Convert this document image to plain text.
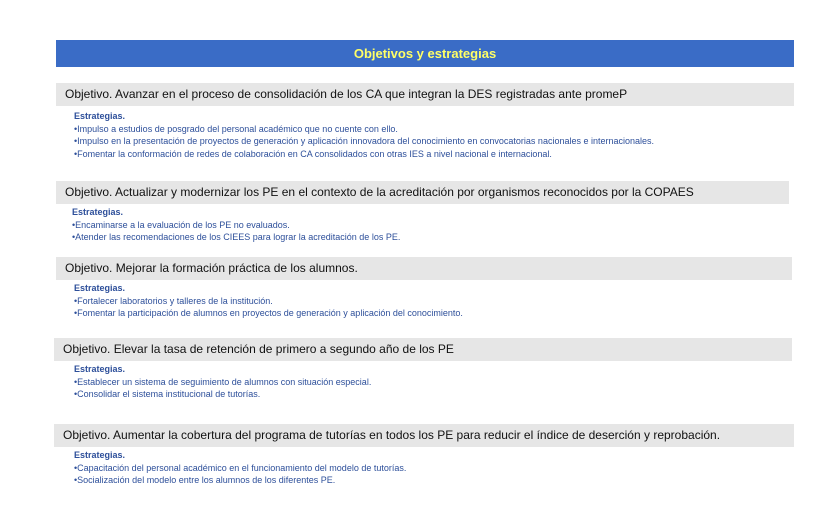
Objetivos y estrategias
Objetivo. Avanzar en el proceso de consolidación de los CA que integran la DES registradas ante promeP
Estrategias.
•Impulso a estudios de posgrado del personal académico que no cuente con ello.
•Impulso en la presentación de proyectos de generación y aplicación innovadora del conocimiento en convocatorias nacionales e internacionales.
•Fomentar la conformación de redes de colaboración en CA consolidados con otras IES a nivel nacional e internacional.
Objetivo. Actualizar y modernizar los PE en el contexto de la acreditación por organismos reconocidos por la COPAES
Estrategias.
•Encaminarse a la evaluación de los PE no evaluados.
•Atender las recomendaciones de los CIEES para lograr la acreditación de los PE.
Objetivo. Mejorar la formación práctica de los alumnos.
Estrategias.
•Fortalecer laboratorios y talleres de la institución.
•Fomentar la participación de alumnos en proyectos de generación y aplicación del conocimiento.
Objetivo. Elevar la tasa de retención de primero a segundo año de los PE
Estrategias.
•Establecer un sistema de seguimiento de alumnos con situación especial.
•Consolidar el sistema institucional de tutorías.
Objetivo. Aumentar la cobertura del programa de tutorías en todos los PE para reducir el índice de deserción y reprobación.
Estrategias.
•Capacitación del personal académico en el funcionamiento del modelo de tutorías.
•Socialización del modelo entre los alumnos de los diferentes PE.
